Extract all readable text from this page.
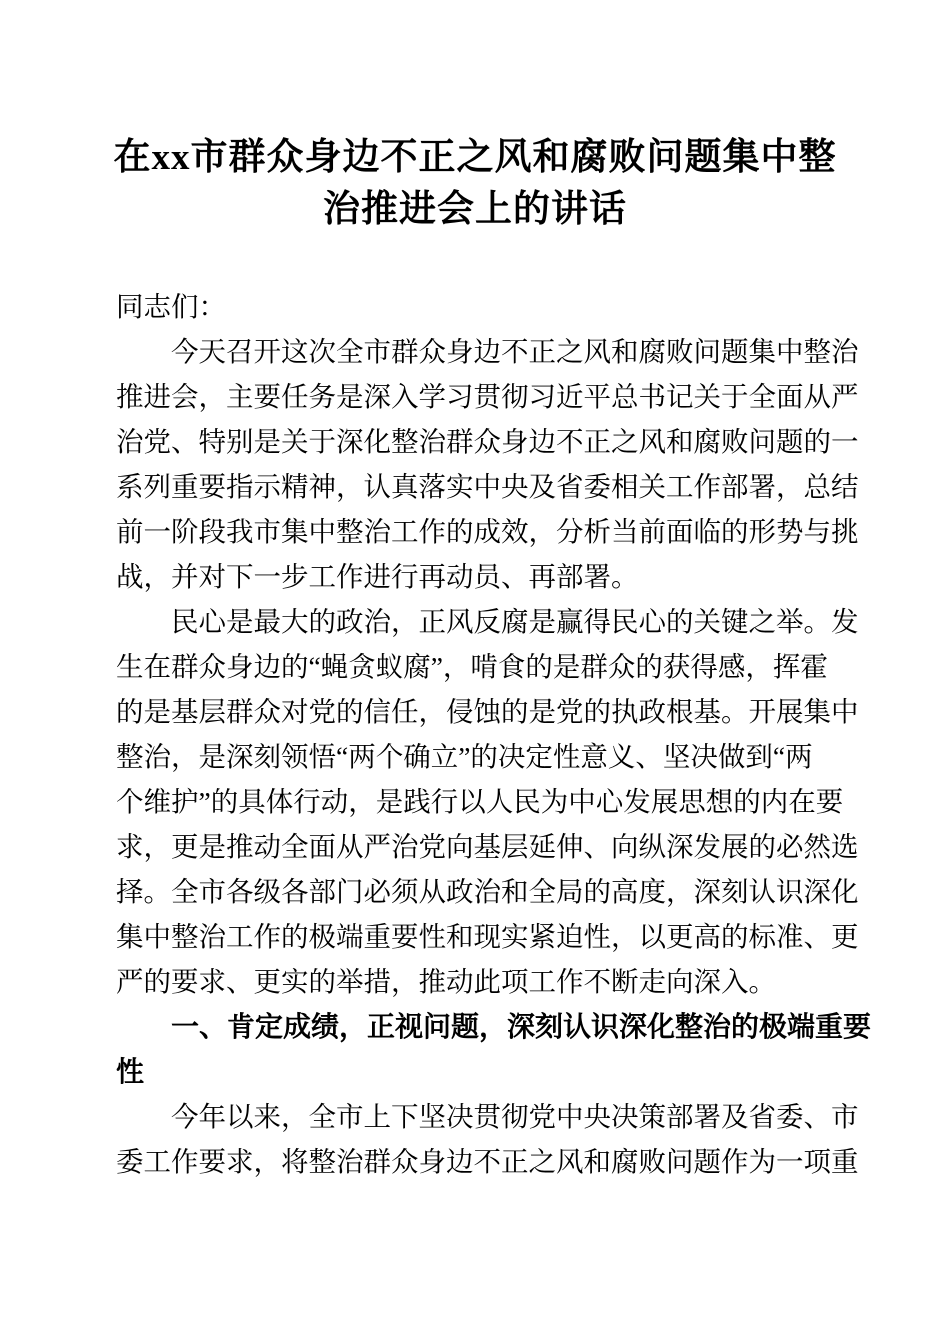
在xx市群众身边不正之风和腐败问题集中整
治推进会上的讲话
同志们：
今天召开这次全市群众身边不正之风和腐败问题集中整治
推进会，主要任务是深入学习贯彻习近平总书记关于全面从严
治党、特别是关于深化整治群众身边不正之风和腐败问题的一
系列重要指示精神，认真落实中央及省委相关工作部署，总结
前一阶段我市集中整治工作的成效，分析当前面临的形势与挑
战，并对下一步工作进行再动员、再部署。
民心是最大的政治，正风反腐是赢得民心的关键之举。发
生在群众身边的“蝇贪蚁腐”，啃食的是群众的获得感，挥霍
的是基层群众对党的信任，侵蚀的是党的执政根基。开展集中
整治，是深刻领悟“两个确立”的决定性意义、坚决做到“两
个维护”的具体行动，是践行以人民为中心发展思想的内在要
求，更是推动全面从严治党向基层延伸、向纵深发展的必然选
择。全市各级各部门必须从政治和全局的高度，深刻认识深化
集中整治工作的极端重要性和现实紧迫性，以更高的标准、更
严的要求、更实的举措，推动此项工作不断走向深入。
一、肯定成绩，正视问题，深刻认识深化整治的极端重要
性
今年以来，全市上下坚决贯彻党中央决策部署及省委、市
委工作要求，将整治群众身边不正之风和腐败问题作为一项重
